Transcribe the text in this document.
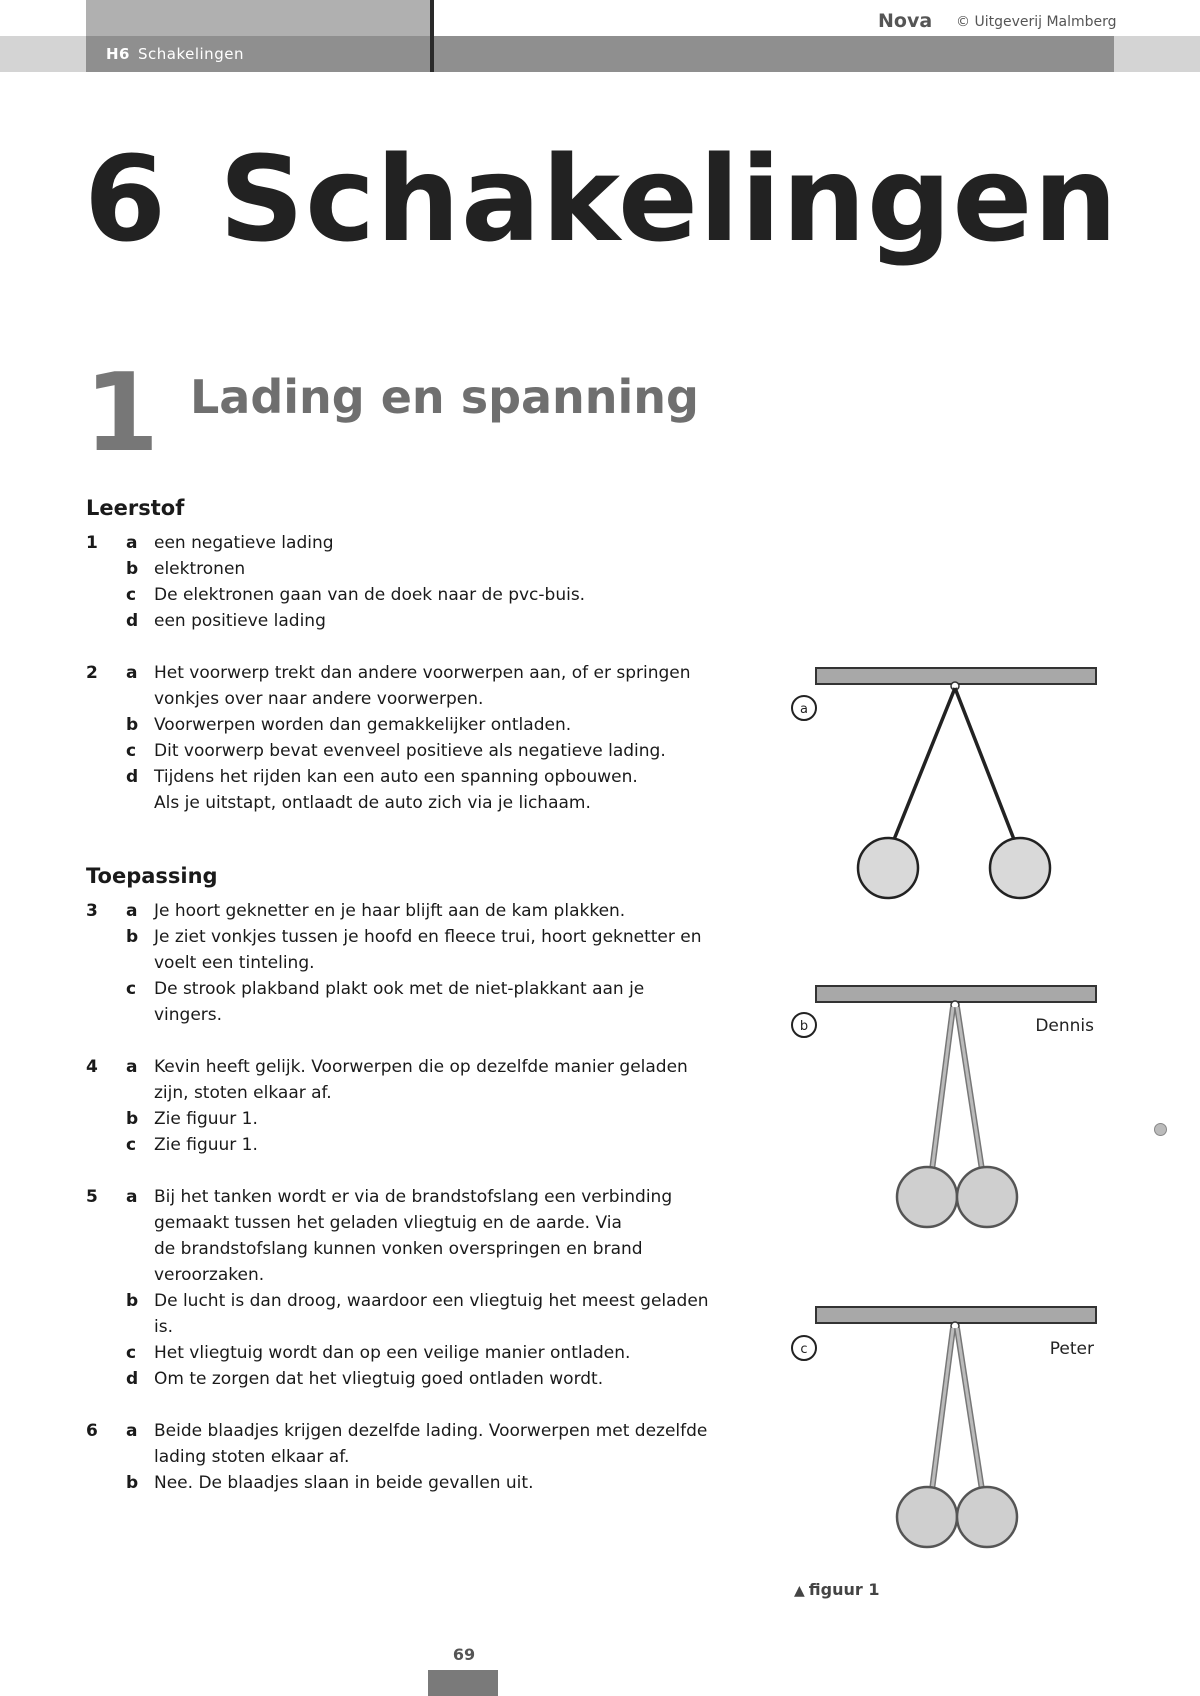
H6 Schakelingen
Nova © Uitgeverij Malmberg
6 Schakelingen
1 Lading en spanning
Leerstof
Toepassing
a
b	Dennis
c	Peter
▲ figuur 1
69
1	a een negatieve lading
b elektronen
c	De elektronen gaan van de doek naar de pvc-buis.
d een positieve lading
2	a Het voorwerp trekt dan andere voorwerpen aan, of er springen
vonkjes over naar andere voorwerpen.
b Voorwerpen worden dan gemakkelijker ontladen.
c	Dit voorwerp bevat evenveel positieve als negatieve lading.
d Tijdens het rijden kan een auto een spanning opbouwen.
Als je uitstapt, ontlaadt de auto zich via je lichaam.
3	a Je hoort geknetter en je haar blijft aan de kam plakken.
b Je ziet vonkjes tussen je hoofd en fleece trui, hoort geknetter en
voelt een tinteling.
c	De strook plakband plakt ook met de niet-plakkant aan je
vingers.
4	a Kevin heeft gelijk. Voorwerpen die op dezelfde manier geladen
zijn, stoten elkaar af.
b Zie figuur 1.
c	Zie figuur 1.
5	a Bij het tanken wordt er via de brandstofslang een verbinding
gemaakt tussen het geladen vliegtuig en de aarde. Via
de brandstofslang kunnen vonken overspringen en brand
veroorzaken.
b De lucht is dan droog, waardoor een vliegtuig het meest geladen
is.
c	Het vliegtuig wordt dan op een veilige manier ontladen.
d Om te zorgen dat het vliegtuig goed ontladen wordt.
6	a Beide blaadjes krijgen dezelfde lading. Voorwerpen met dezelfde
lading stoten elkaar af.
b Nee. De blaadjes slaan in beide gevallen uit.
